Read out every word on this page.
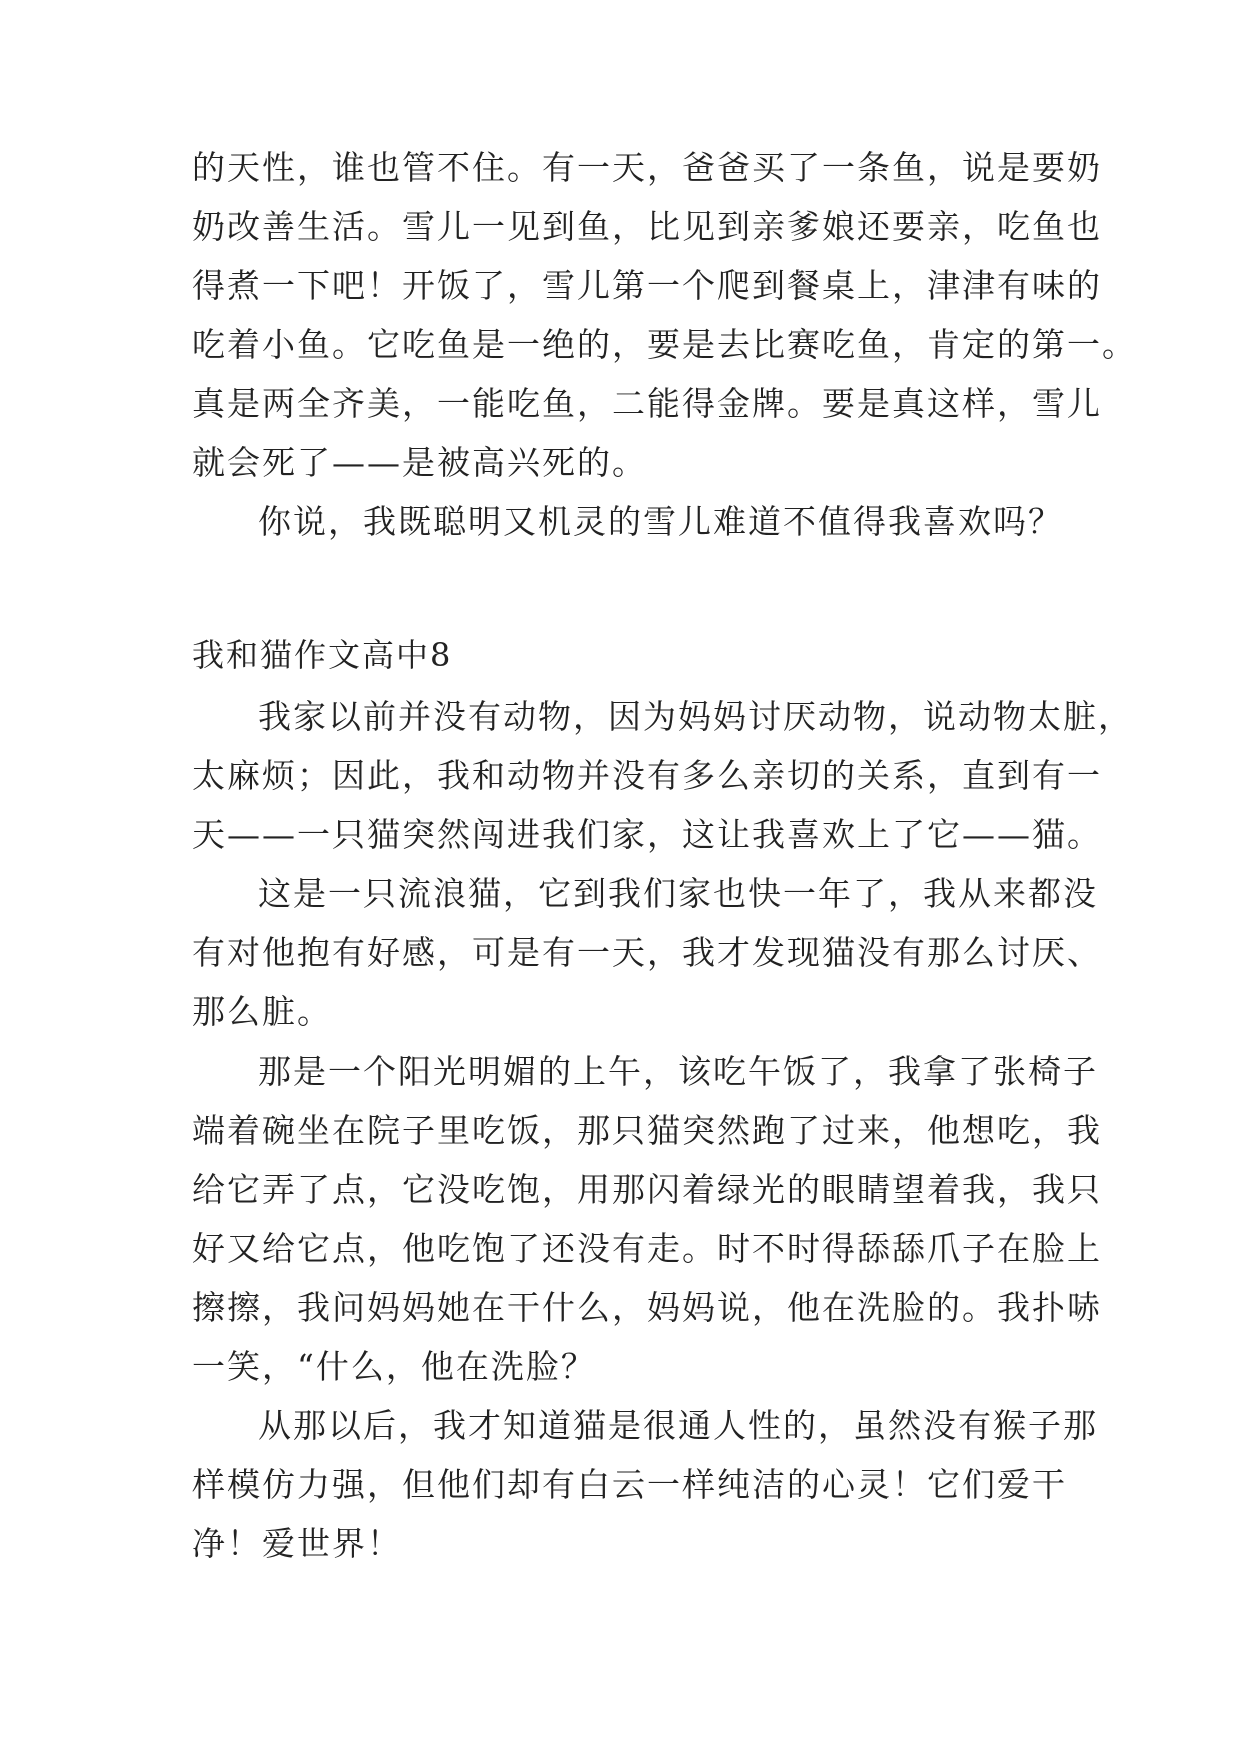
的天性，谁也管不住。有一天，爸爸买了一条鱼，说是要奶
奶改善生活。雪儿一见到鱼，比见到亲爹娘还要亲，吃鱼也
得煮一下吧！开饭了，雪儿第一个爬到餐桌上，津津有味的
吃着小鱼。它吃鱼是一绝的，要是去比赛吃鱼，肯定的第一。
真是两全齐美，一能吃鱼，二能得金牌。要是真这样，雪儿
就会死了——是被高兴死的。
你说，我既聪明又机灵的雪儿难道不值得我喜欢吗？
我和猫作文高中8
我家以前并没有动物，因为妈妈讨厌动物，说动物太脏，
太麻烦；因此，我和动物并没有多么亲切的关系，直到有一
天——一只猫突然闯进我们家，这让我喜欢上了它——猫。
这是一只流浪猫，它到我们家也快一年了，我从来都没
有对他抱有好感，可是有一天，我才发现猫没有那么讨厌、
那么脏。
那是一个阳光明媚的上午，该吃午饭了，我拿了张椅子
端着碗坐在院子里吃饭，那只猫突然跑了过来，他想吃，我
给它弄了点，它没吃饱，用那闪着绿光的眼睛望着我，我只
好又给它点，他吃饱了还没有走。时不时得舔舔爪子在脸上
擦擦，我问妈妈她在干什么，妈妈说，他在洗脸的。我扑哧
一笑，“什么，他在洗脸？
从那以后，我才知道猫是很通人性的，虽然没有猴子那
样模仿力强，但他们却有白云一样纯洁的心灵！它们爱干
净！爱世界！
